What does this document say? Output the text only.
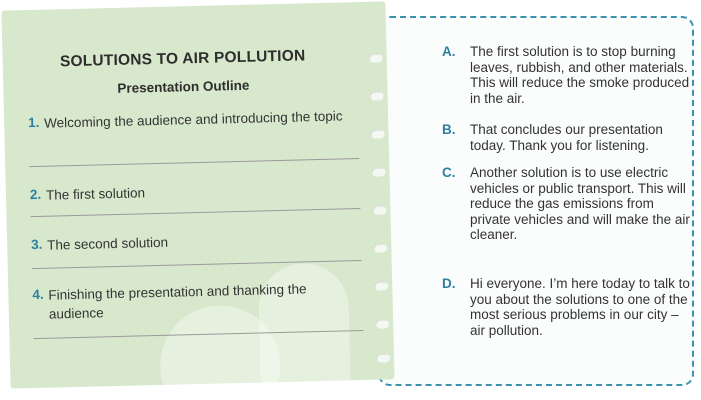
SOLUTIONS TO AIR POLLUTION
Presentation Outline
1. Welcoming the audience and introducing the topic
2. The first solution
3. The second solution
4. Finishing the presentation and thanking the audience
A. The first solution is to stop burning leaves, rubbish, and other materials. This will reduce the smoke produced in the air.
B. That concludes our presentation today. Thank you for listening.
C. Another solution is to use electric vehicles or public transport. This will reduce the gas emissions from private vehicles and will make the air cleaner.
D. Hi everyone. I’m here today to talk to you about the solutions to one of the most serious problems in our city – air pollution.
